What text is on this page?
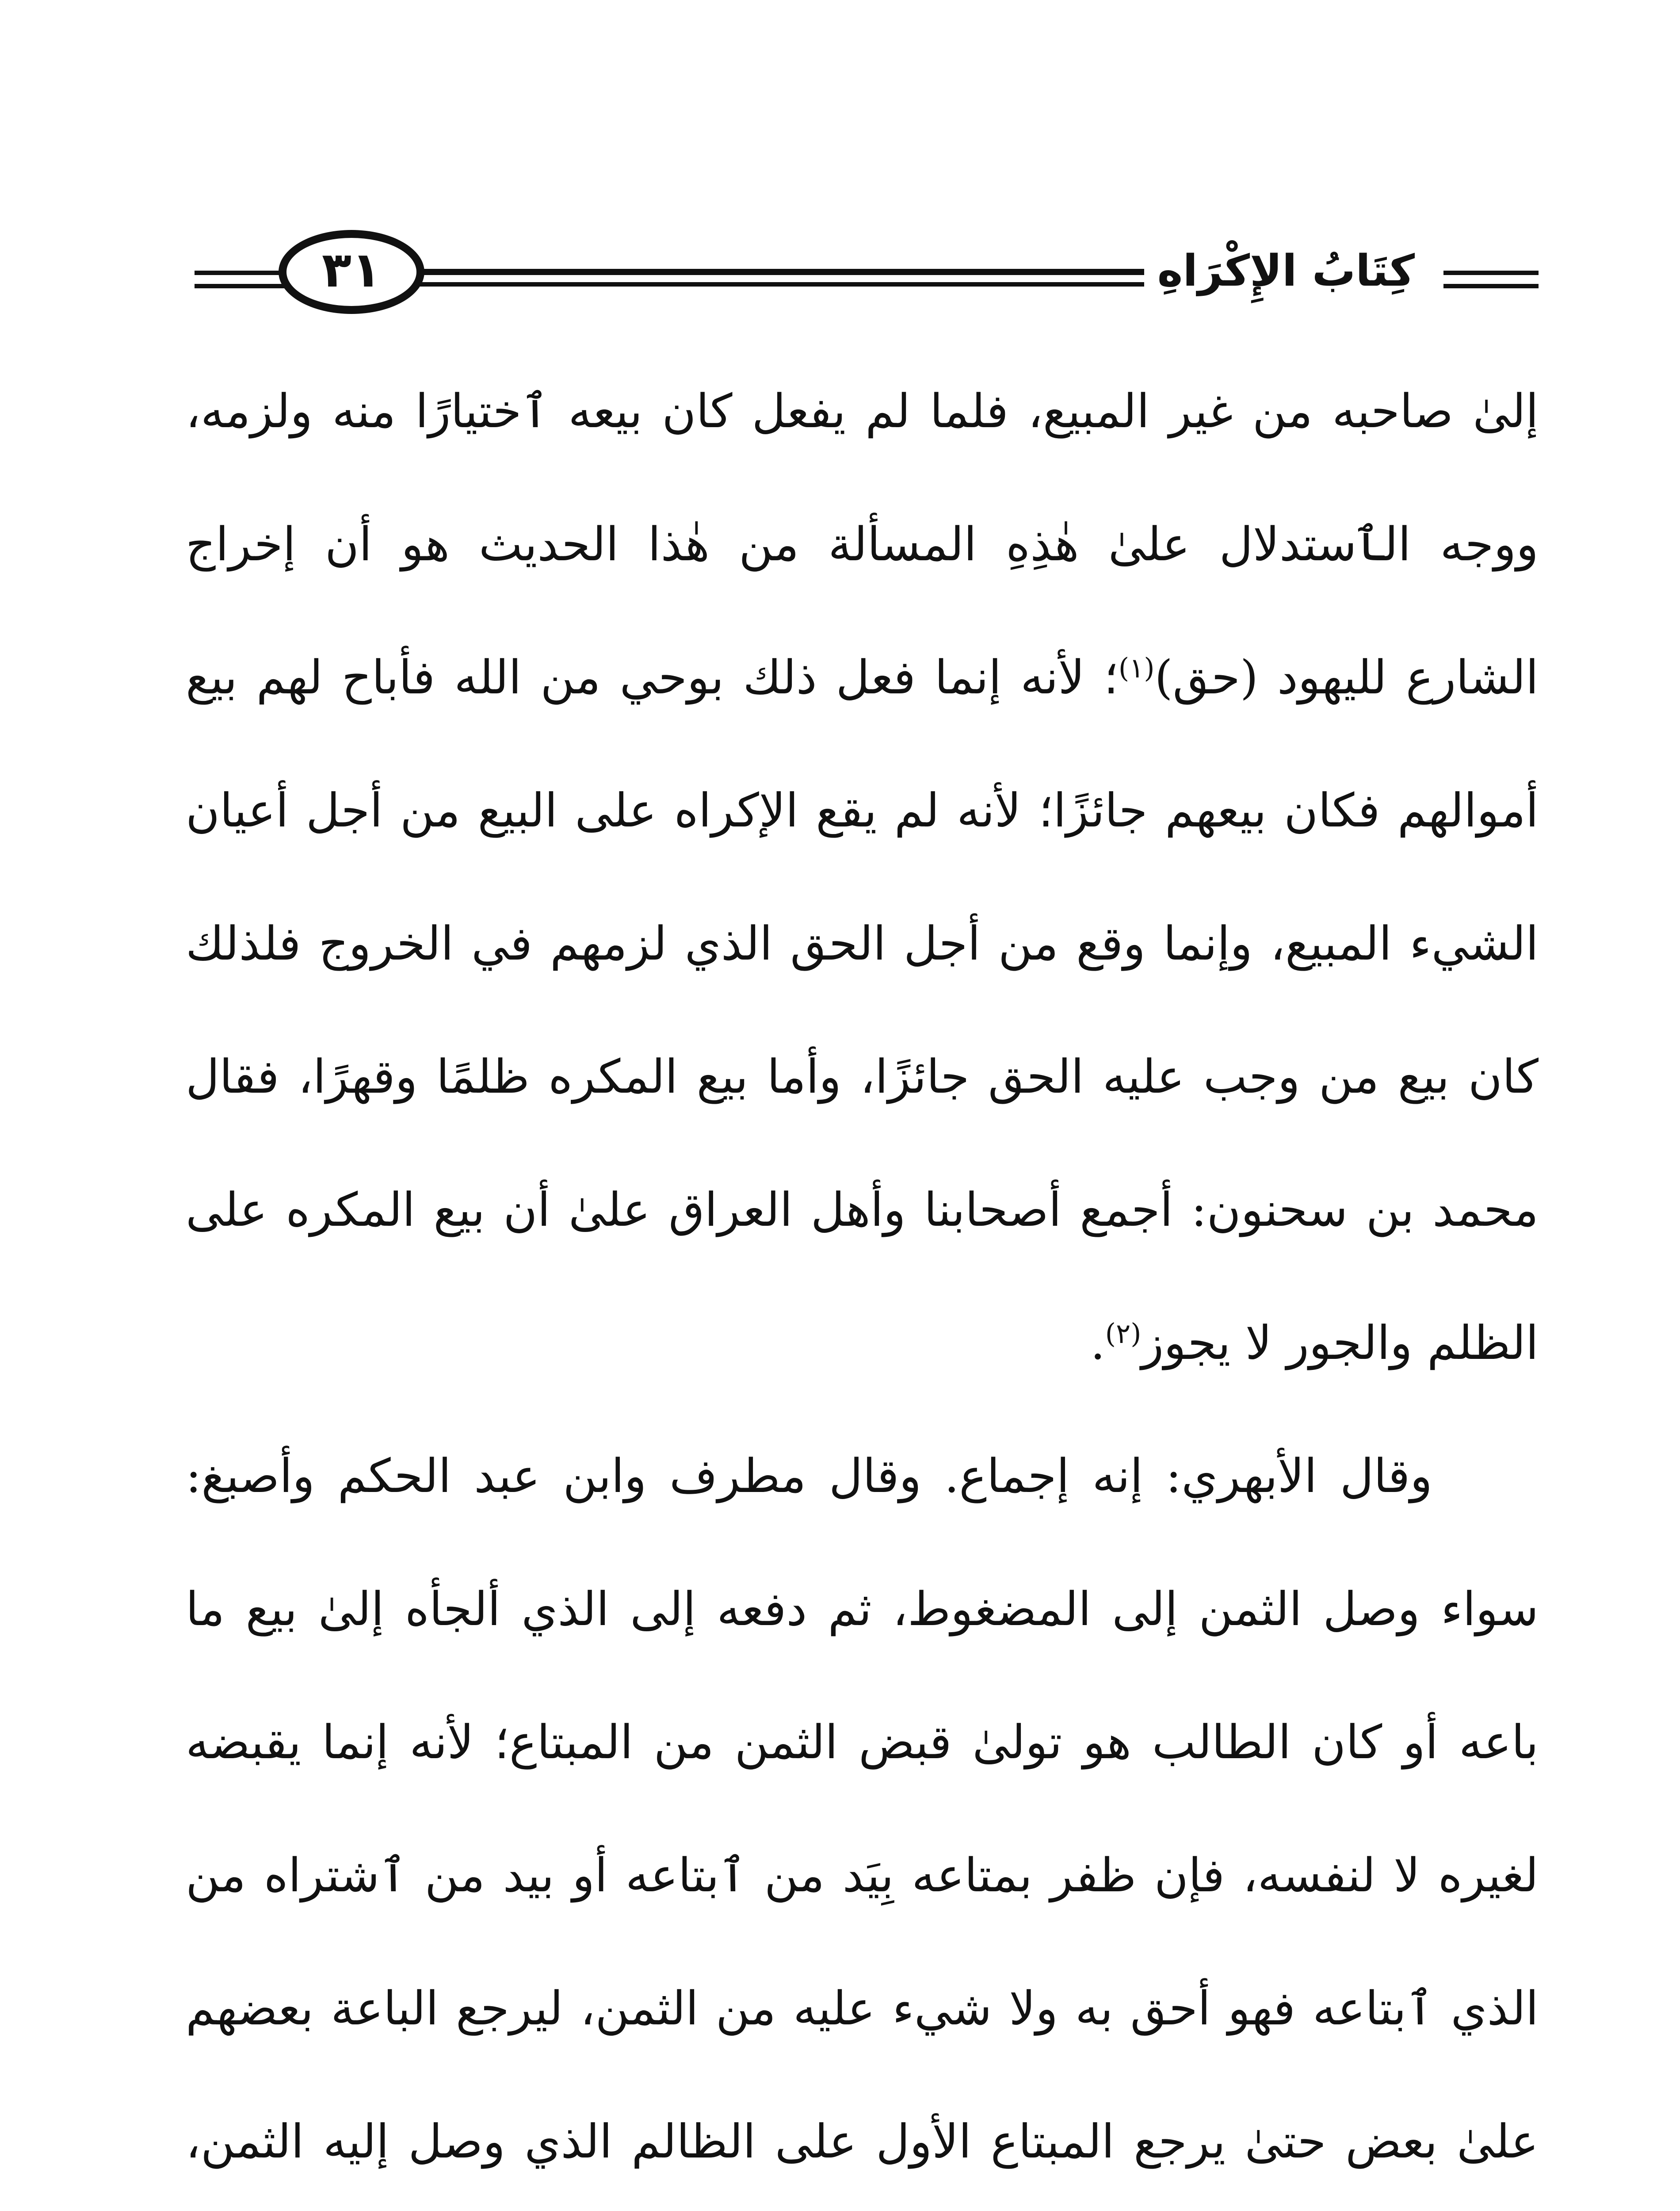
٣١	كِتَابُ الإِكْرَاهِ

إلىٰ صاحبه من غير المبيع، فلما لم يفعل كان بيعه ٱختيارًا منه ولزمه، ووجه الٱستدلال علىٰ هٰذِهِ المسألة من هٰذا الحديث هو أن إخراج الشارع لليهود (حق)$^{(١)}$؛ لأنه إنما فعل ذلك بوحي من الله فأباح لهم بيع أموالهم فكان بيعهم جائزًا؛ لأنه لم يقع الإكراه على البيع من أجل أعيان الشيء المبيع، وإنما وقع من أجل الحق الذي لزمهم في الخروج فلذلك كان بيع من وجب عليه الحق جائزًا، وأما بيع المكره ظلمًا وقهرًا، فقال محمد بن سحنون: أجمع أصحابنا وأهل العراق علىٰ أن بيع المكره على الظلم والجور لا يجوز$^{(٢)}$.

وقال الأبهري: إنه إجماع. وقال مطرف وابن عبد الحكم وأصبغ: سواء وصل الثمن إلى المضغوط، ثم دفعه إلى الذي ألجأه إلىٰ بيع ما باعه أو كان الطالب هو تولىٰ قبض الثمن من المبتاع؛ لأنه إنما يقبضه لغيره لا لنفسه، فإن ظفر بمتاعه بِيَد من ٱبتاعه أو بيد من ٱشتراه من الذي ٱبتاعه فهو أحق به ولا شيء عليه من الثمن، ليرجع الباعة بعضهم علىٰ بعض حتىٰ يرجع المبتاع الأول على الظالم الذي وصل إليه الثمن،
